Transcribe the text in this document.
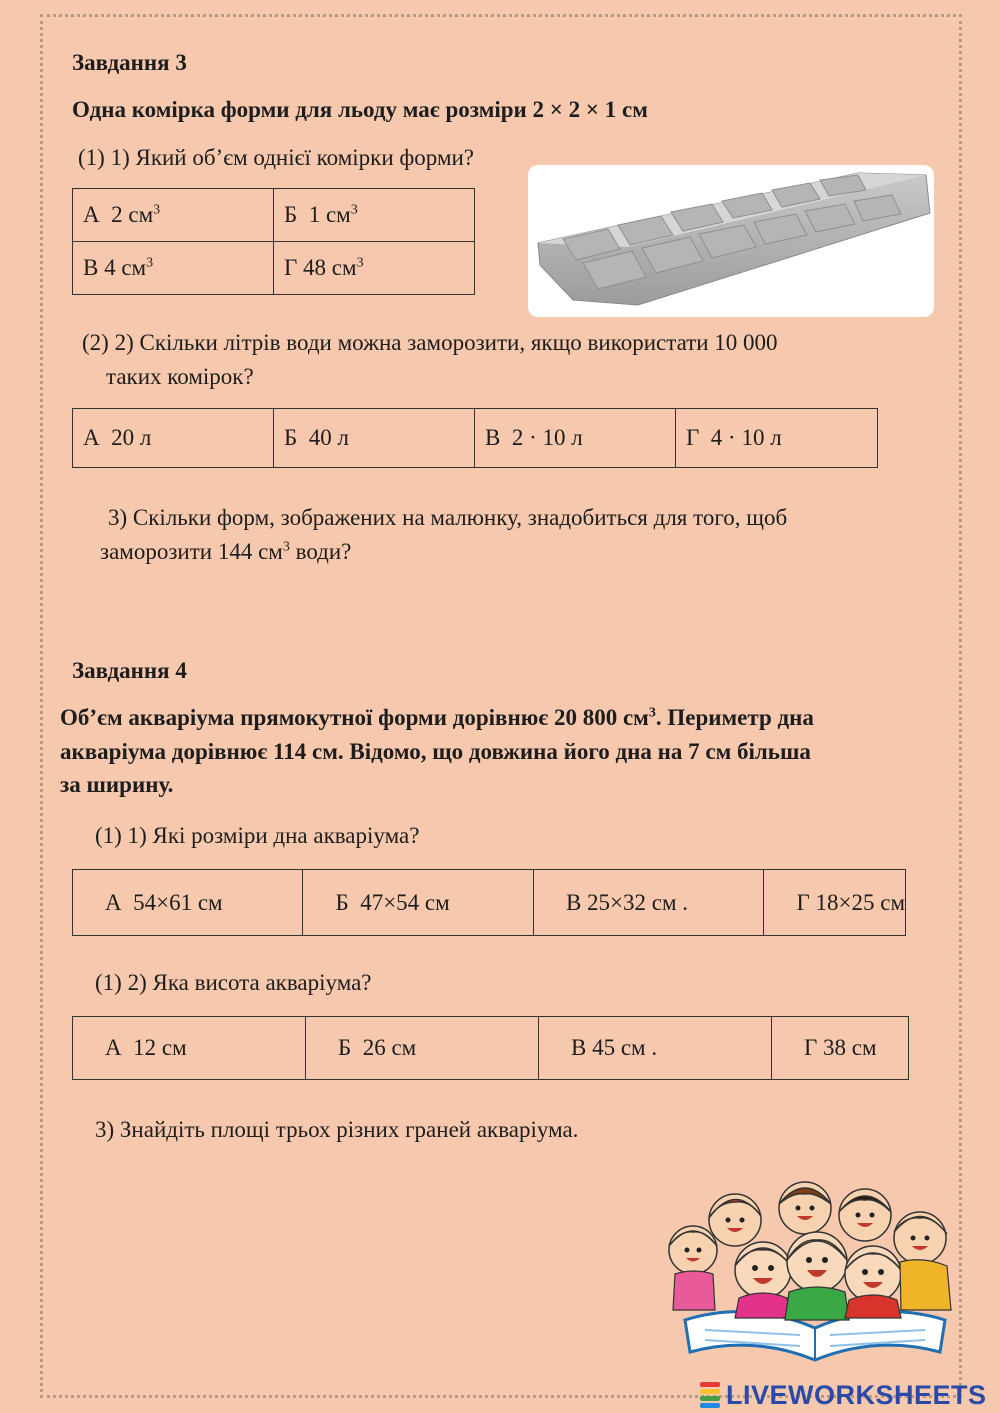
Завдання 3
Одна комірка форми для льоду має розміри 2 × 2 × 1 см
(1) 1) Який об’єм однієї комірки форми?
А 2 $см^3$	Б 1 $см^3$
В 4 $см^3$	Г 48 $см^3$
(2) 2) Скільки літрів води можна заморозити, якщо використати 10 000
таких комірок?
А 20 л	Б 40 л	В 2 · 10 л	Г 4 · 10 л
3) Скільки форм, зображених на малюнку, знадобиться для того, щоб
заморозити 144 $см^3$ води?
Завдання 4
Об’єм акваріума прямокутної форми дорівнює 20 800 $см^3$. Периметр дна
акваріума дорівнює 114 см. Відомо, що довжина його дна на 7 см більша
за ширину.
(1) 1) Які розміри дна акваріума?
А 54×61 см	Б 47×54 см	В 25×32 см .	Г 18×25 см
(1) 2) Яка висота акваріума?
А 12 см	Б 26 см	В 45 см .	Г 38 см
3) Знайдіть площі трьох різних граней акваріума.
LIVEWORKSHEETS
